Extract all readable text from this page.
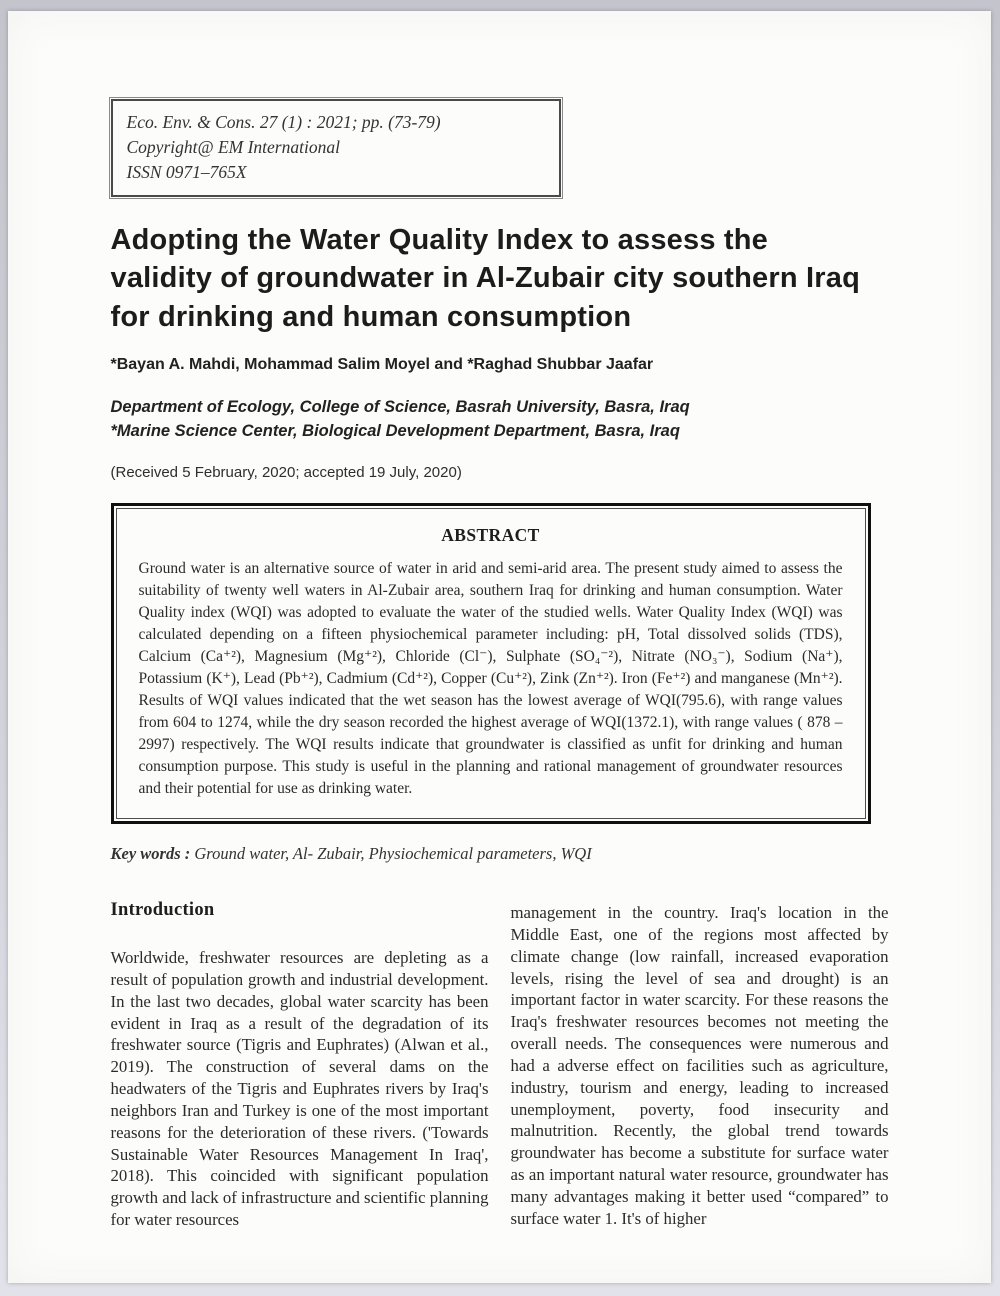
Eco. Env. & Cons. 27 (1) : 2021; pp. (73-79)
Copyright@ EM International
ISSN 0971–765X
Adopting the Water Quality Index to assess the validity of groundwater in Al-Zubair city southern Iraq for drinking and human consumption
*Bayan A. Mahdi, Mohammad Salim Moyel and *Raghad Shubbar Jaafar
Department of Ecology, College of Science, Basrah University, Basra, Iraq
*Marine Science Center, Biological Development Department, Basra, Iraq
(Received 5 February, 2020; accepted 19 July, 2020)
ABSTRACT
Ground water is an alternative source of water in arid and semi-arid area. The present study aimed to assess the suitability of twenty well waters in Al-Zubair area, southern Iraq for drinking and human consumption. Water Quality index (WQI) was adopted to evaluate the water of the studied wells. Water Quality Index (WQI) was calculated depending on a fifteen physiochemical parameter including: pH, Total dissolved solids (TDS), Calcium (Ca⁺²), Magnesium (Mg⁺²), Chloride (Cl⁻), Sulphate (SO₄⁻²), Nitrate (NO₃⁻), Sodium (Na⁺), Potassium (K⁺), Lead (Pb⁺²), Cadmium (Cd⁺²), Copper (Cu⁺²), Zink (Zn⁺²). Iron (Fe⁺²) and manganese (Mn⁺²). Results of WQI values indicated that the wet season has the lowest average of WQI(795.6), with range values from 604 to 1274, while the dry season recorded the highest average of WQI(1372.1), with range values ( 878 – 2997) respectively. The WQI results indicate that groundwater is classified as unfit for drinking and human consumption purpose. This study is useful in the planning and rational management of groundwater resources and their potential for use as drinking water.
Key words : Ground water, Al- Zubair, Physiochemical parameters, WQI
Introduction
Worldwide, freshwater resources are depleting as a result of population growth and industrial development. In the last two decades, global water scarcity has been evident in Iraq as a result of the degradation of its freshwater source (Tigris and Euphrates) (Alwan et al., 2019). The construction of several dams on the headwaters of the Tigris and Euphrates rivers by Iraq's neighbors Iran and Turkey is one of the most important reasons for the deterioration of these rivers. ('Towards Sustainable Water Resources Management In Iraq', 2018). This coincided with significant population growth and lack of infrastructure and scientific planning for water resources
management in the country. Iraq's location in the Middle East, one of the regions most affected by climate change (low rainfall, increased evaporation levels, rising the level of sea and drought) is an important factor in water scarcity. For these reasons the Iraq's freshwater resources becomes not meeting the overall needs. The consequences were numerous and had a adverse effect on facilities such as agriculture, industry, tourism and energy, leading to increased unemployment, poverty, food insecurity and malnutrition. Recently, the global trend towards groundwater has become a substitute for surface water as an important natural water resource, groundwater has many advantages making it better used “compared” to surface water 1. It's of higher
